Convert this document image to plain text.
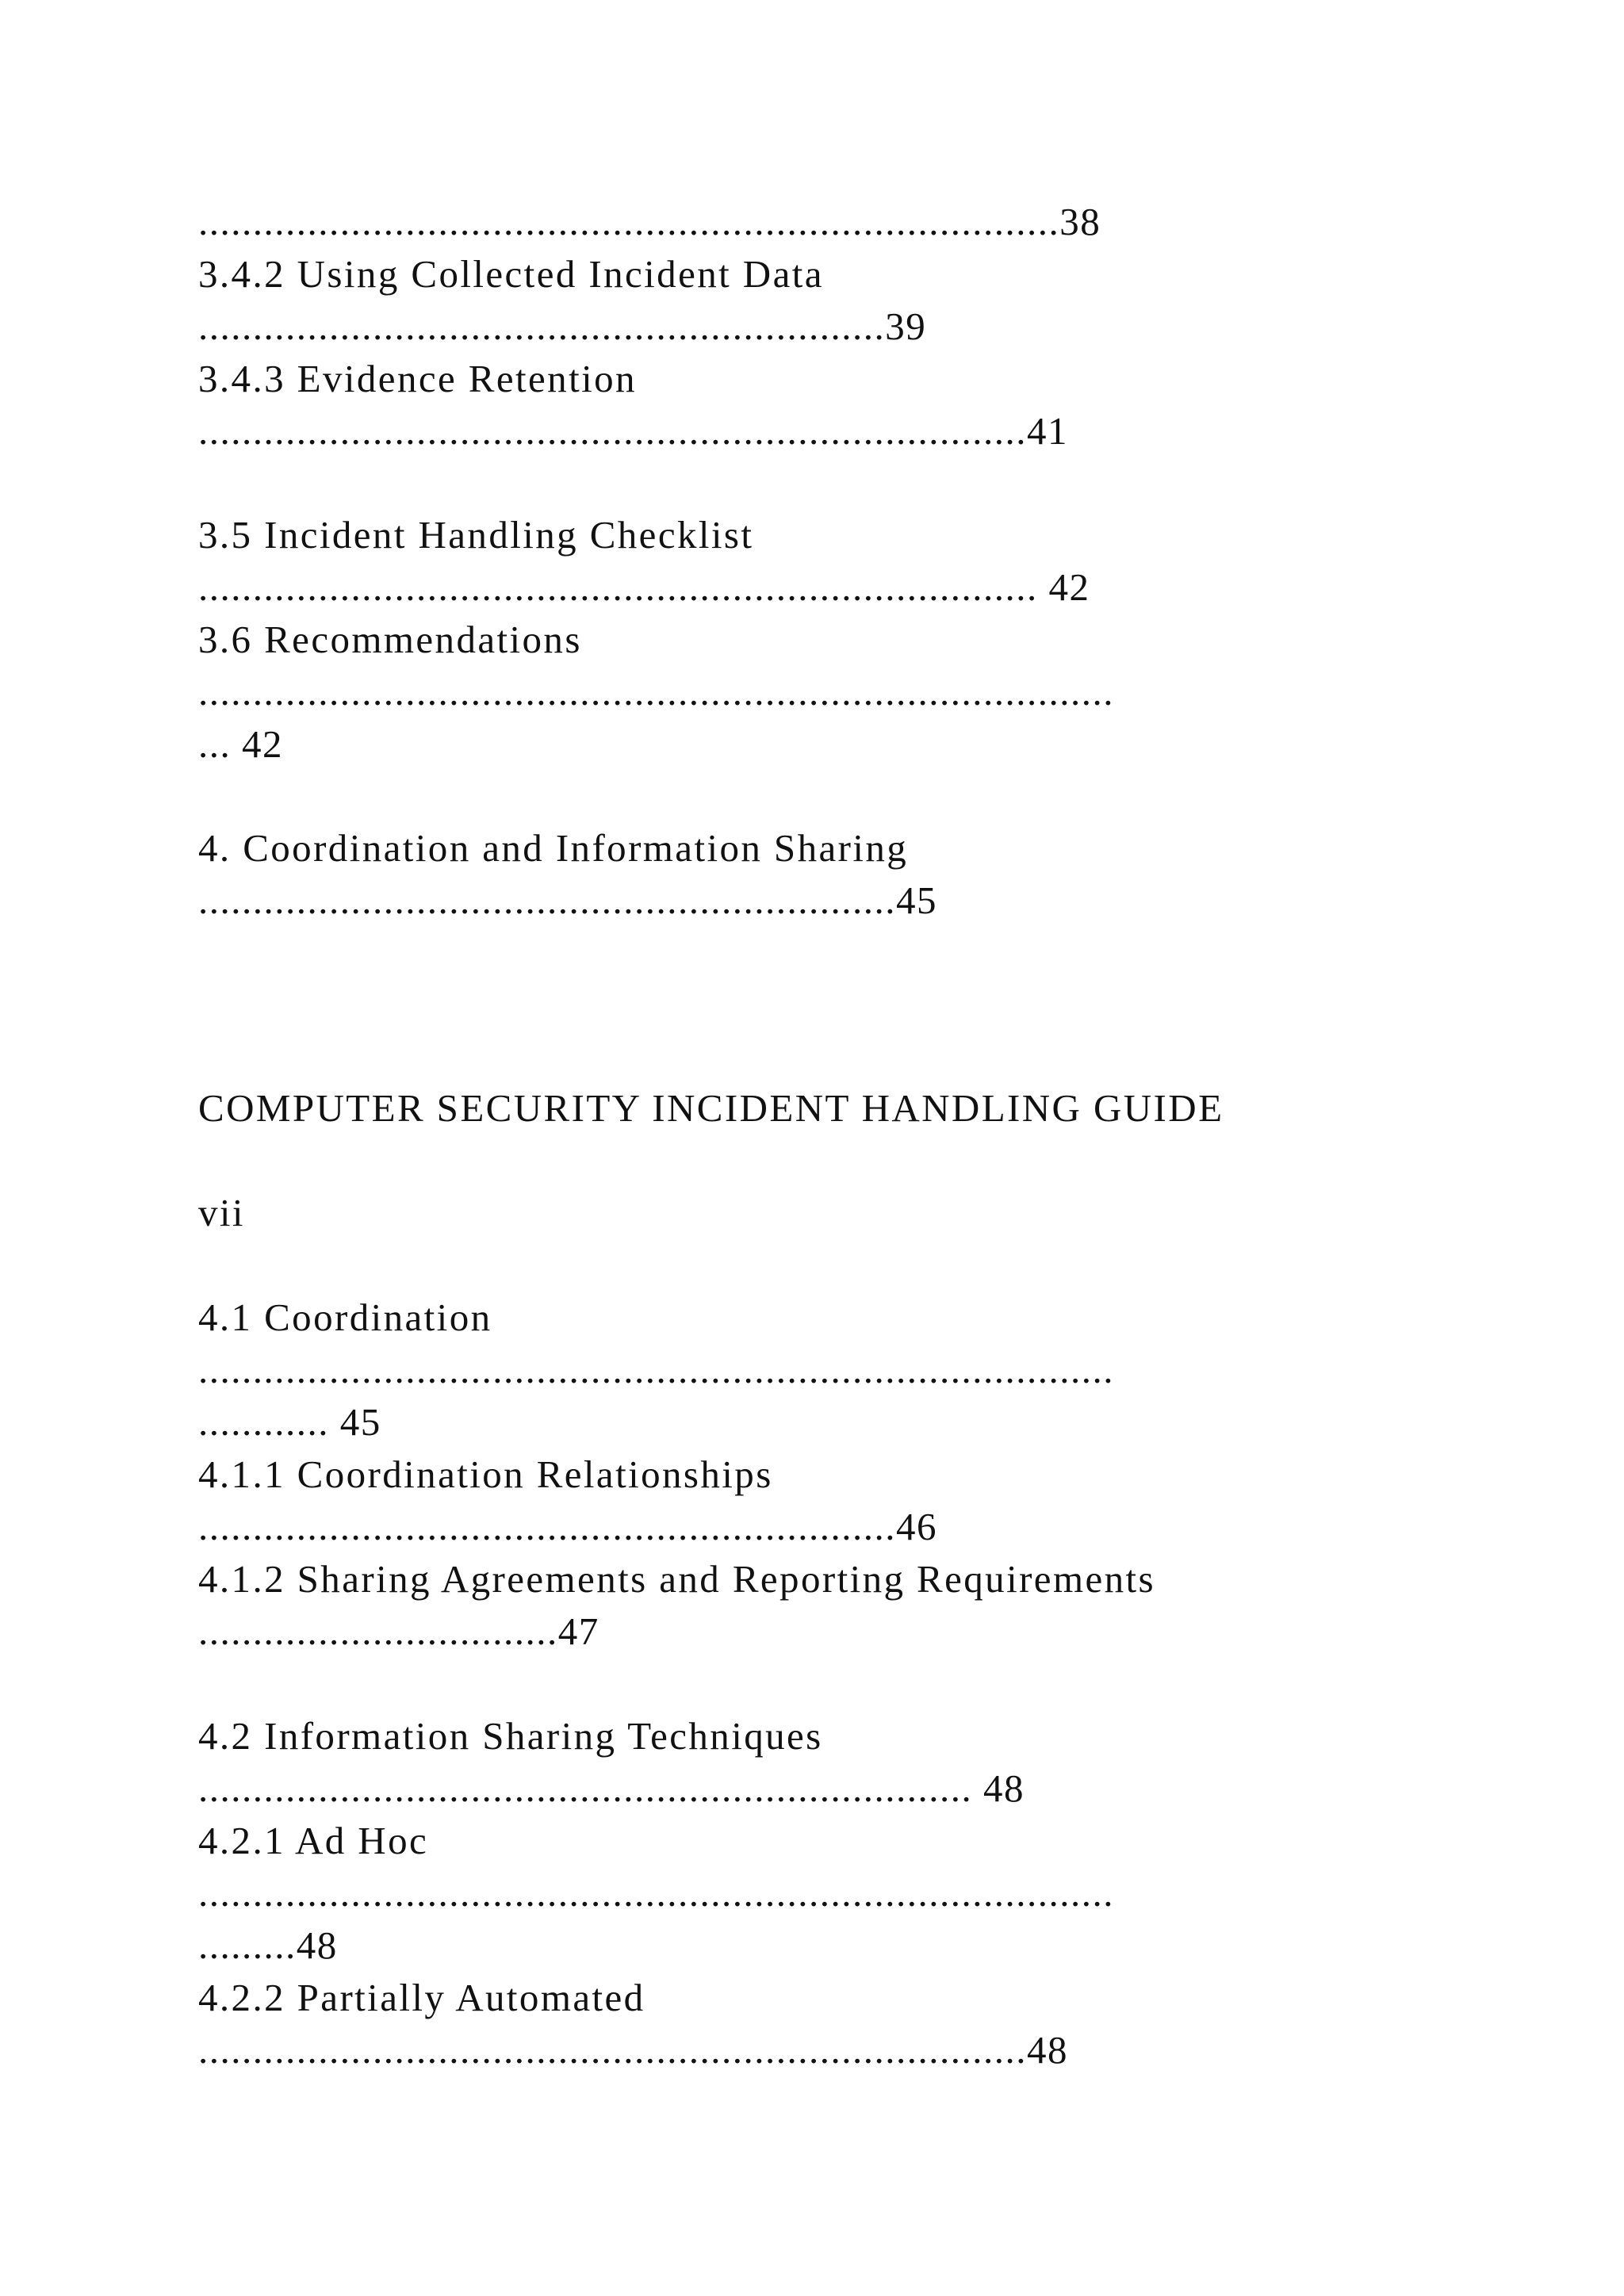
...............................................................................38
3.4.2 Using Collected Incident Data
...............................................................39
3.4.3 Evidence Retention
............................................................................41
3.5 Incident Handling Checklist
............................................................................. 42
3.6 Recommendations
....................................................................................
... 42
4. Coordination and Information Sharing
................................................................45
COMPUTER SECURITY INCIDENT HANDLING GUIDE
vii
4.1 Coordination
....................................................................................
............ 45
4.1.1 Coordination Relationships
................................................................46
4.1.2 Sharing Agreements and Reporting Requirements
.................................47
4.2 Information Sharing Techniques
....................................................................... 48
4.2.1 Ad Hoc
....................................................................................
.........48
4.2.2 Partially Automated
............................................................................48
